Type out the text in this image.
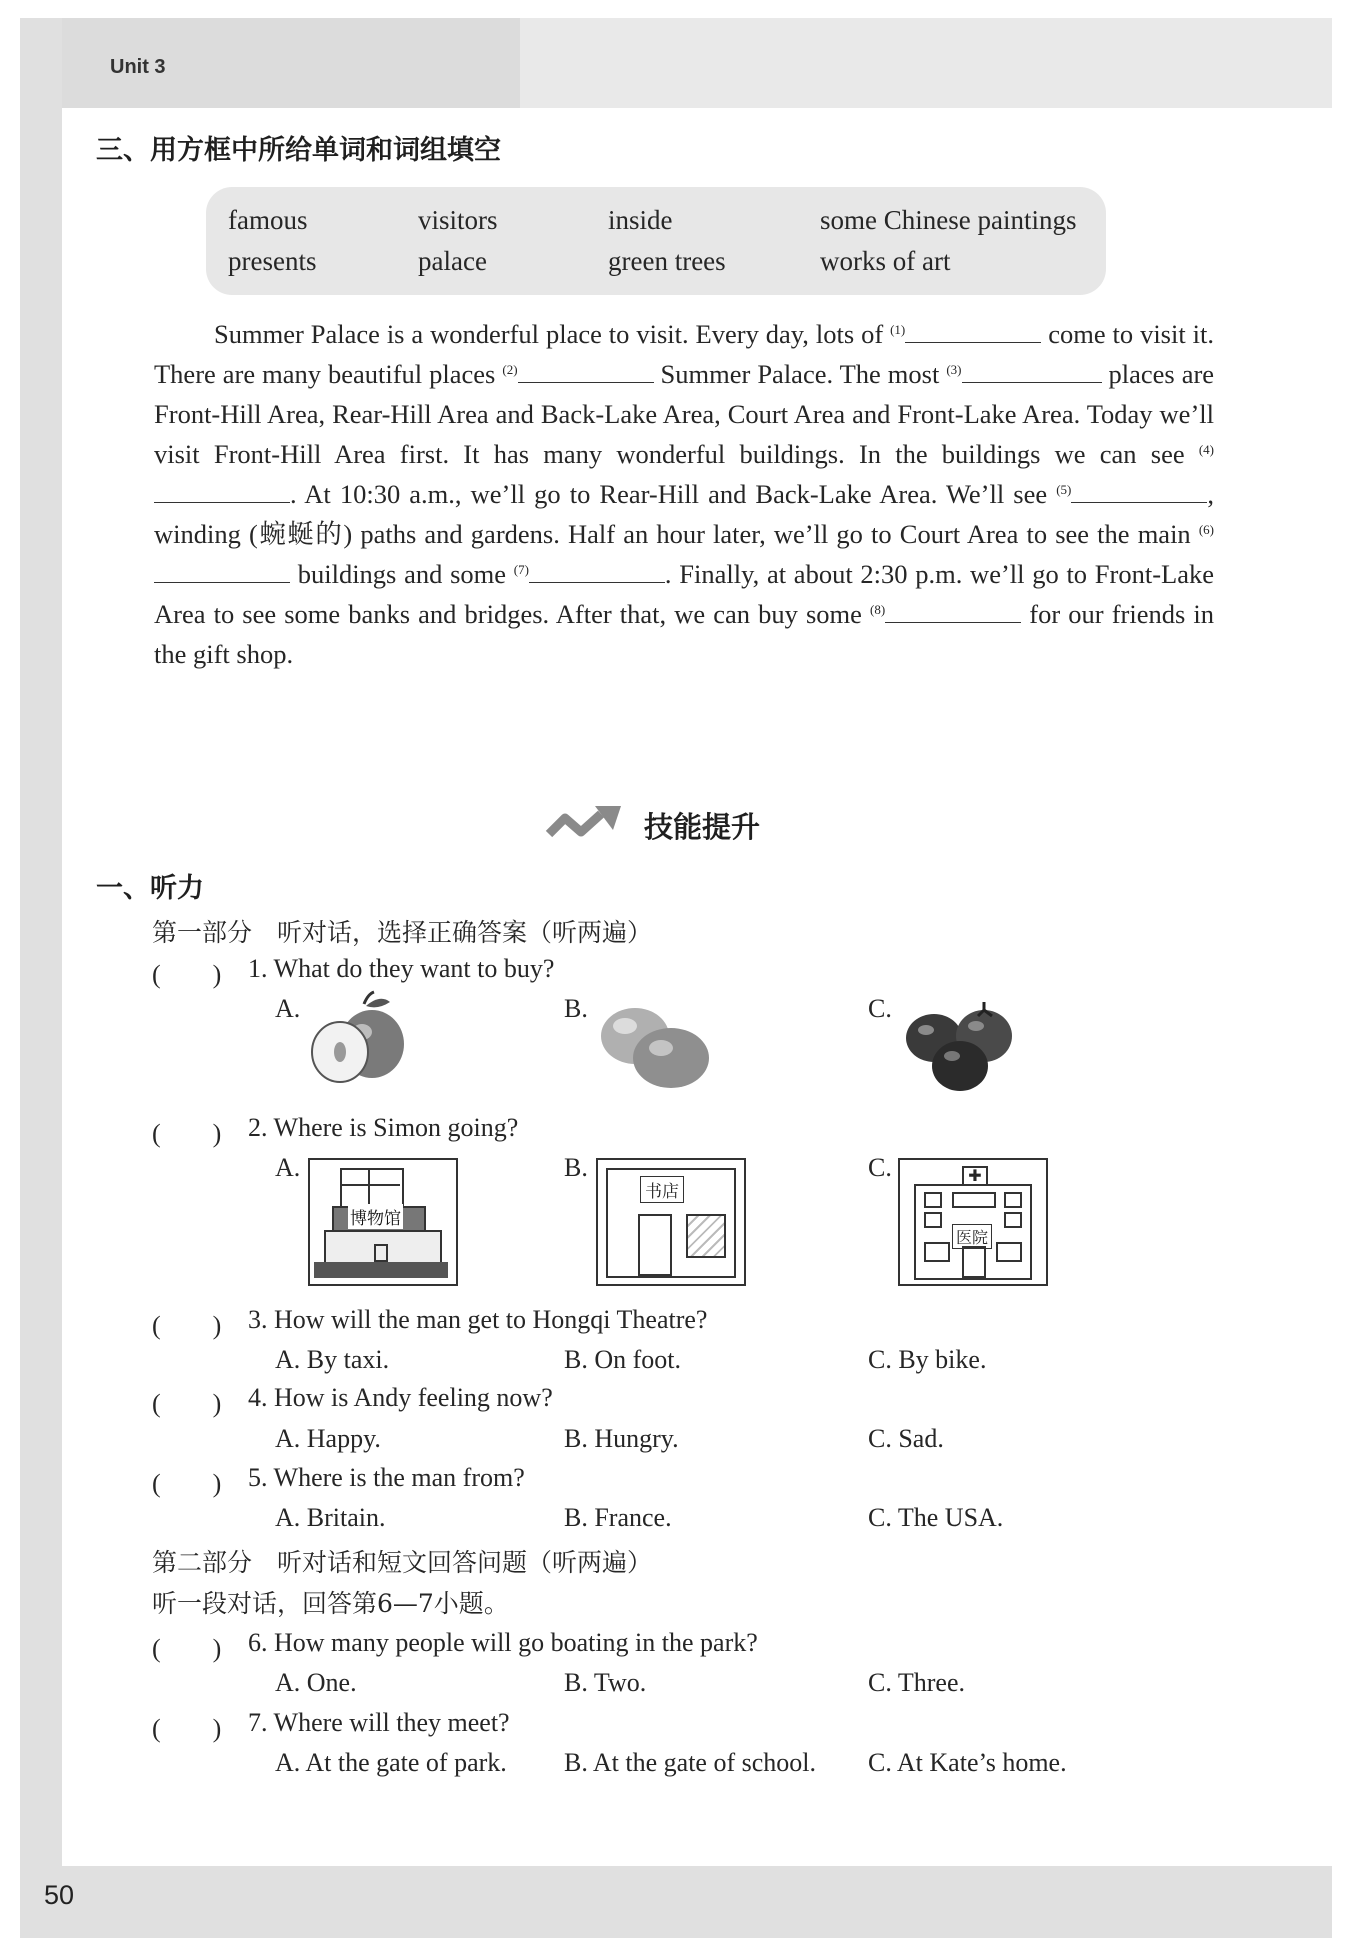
Unit 3
50
三、用方框中所给单词和词组填空
famous	visitors	inside	some Chinese paintings
presents	palace	green trees	works of art
Summer Palace is a wonderful place to visit. Every day, lots of $^{(1)}$	come to visit it. There are many beautiful places $^{(2)}$	Summer Palace. The most $^{(3)}$	places are Front-Hill Area, Rear-Hill Area and Back-Lake Area, Court Area and Front-Lake Area. Today we’ll visit Front-Hill Area first. It has many wonderful buildings. In the buildings we can see $^{(4)}$. At 10:30 a.m., we’ll go to Rear-Hill and Back-Lake Area. We’ll see $^{(5)}$	, winding (蜿蜒的) paths and gardens. Half an hour later, we’ll go to Court Area to see the main $^{(6)}$ buildings and some $^{(7)}$	. Finally, at about 2:30 p.m. we’ll go to Front-Lake Area to see some banks and bridges. After that, we can buy some $^{(8)}$	for our friends in the gift shop.
技能提升
一、听力
第一部分　听对话，选择正确答案（听两遍）
(　　) 1. What do they want to buy?
A.	B.	C.
(　　) 2. Where is Simon going?
A.	B.	C.
博物馆
书店
✚
医院
(　　) 3. How will the man get to Hongqi Theatre?
A. By taxi.	B. On foot.	C. By bike.
(　　) 4. How is Andy feeling now?
A. Happy.	B. Hungry.	C. Sad.
(　　) 5. Where is the man from?
A. Britain.	B. France.	C. The USA.
第二部分　听对话和短文回答问题（听两遍）
听一段对话，回答第6—7小题。
(　　) 6. How many people will go boating in the park?
A. One.	B. Two.	C. Three.
(　　) 7. Where will they meet?
A. At the gate of park. B. At the gate of school. C. At Kate’s home.
